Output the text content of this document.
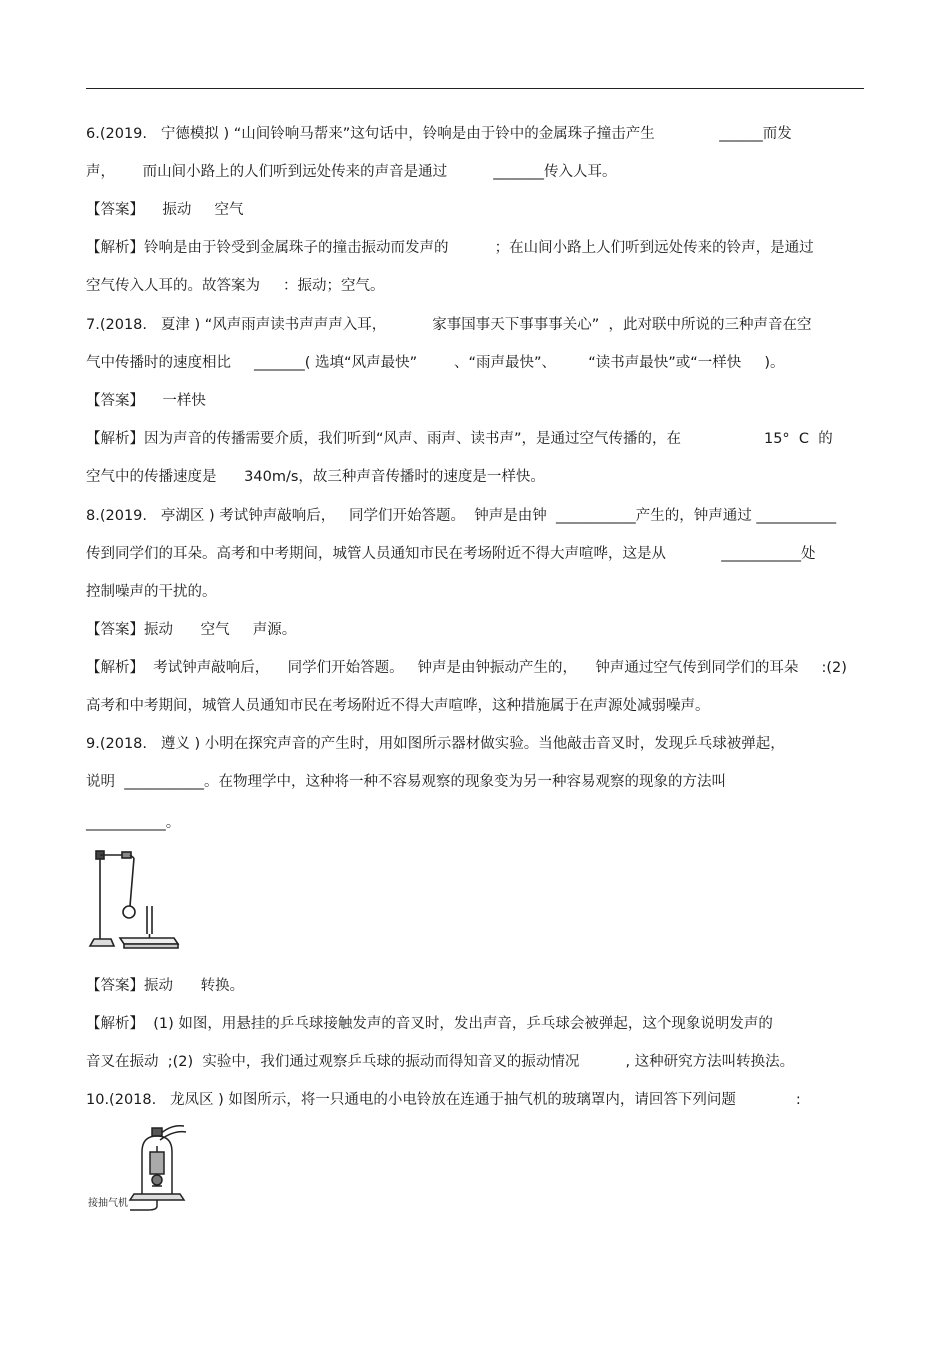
6.(2019.   宁德模拟 ) “山间铃响马帮来”这句话中，铃响是由于铃中的金属珠子撞击产生              ______而发
声，      而山间小路上的人们听到远处传来的声音是通过          _______传入人耳。
【答案】    振动     空气
【解析】铃响是由于铃受到金属珠子的撞击振动而发声的          ；在山间小路上人们听到远处传来的铃声，是通过
空气传入人耳的。故答案为     ：振动；空气。
7.(2018.   夏津 ) “风声雨声读书声声声入耳，          家事国事天下事事事关心”  ，此对联中所说的三种声音在空
气中传播时的速度相比     _______( 选填“风声最快”        、“雨声最快”、       “读书声最快”或“一样快     )。
【答案】    一样快
【解析】因为声音的传播需要介质，我们听到“风声、雨声、读书声”，是通过空气传播的，在                  15°  C  的
空气中的传播速度是      340m/s，故三种声音传播时的速度是一样快。
8.(2019.   亭湖区 ) 考试钟声敲响后，   同学们开始答题。  钟声是由钟  ___________产生的，钟声通过 ___________
传到同学们的耳朵。高考和中考期间，城管人员通知市民在考场附近不得大声喧哗，这是从            ___________处
控制噪声的干扰的。
【答案】振动      空气     声源。
【解析】  考试钟声敲响后，    同学们开始答题。   钟声是由钟振动产生的，    钟声通过空气传到同学们的耳朵     :(2)
高考和中考期间，城管人员通知市民在考场附近不得大声喧哗，这种措施属于在声源处减弱噪声。
9.(2018.   遵义 ) 小明在探究声音的产生时，用如图所示器材做实验。当他敲击音叉时，发现乒乓球被弹起，
说明  ___________。在物理学中，这种将一种不容易观察的现象变为另一种容易观察的现象的方法叫
___________。
【答案】振动      转换。
【解析】  (1) 如图，用悬挂的乒乓球接触发声的音叉时，发出声音，乒乓球会被弹起，这个现象说明发声的
音叉在振动  ;(2)  实验中，我们通过观察乒乓球的振动而得知音叉的振动情况          , 这种研究方法叫转换法。
10.(2018.   龙凤区 ) 如图所示，将一只通电的小电铃放在连通于抽气机的玻璃罩内，请回答下列问题             :
接抽气机
